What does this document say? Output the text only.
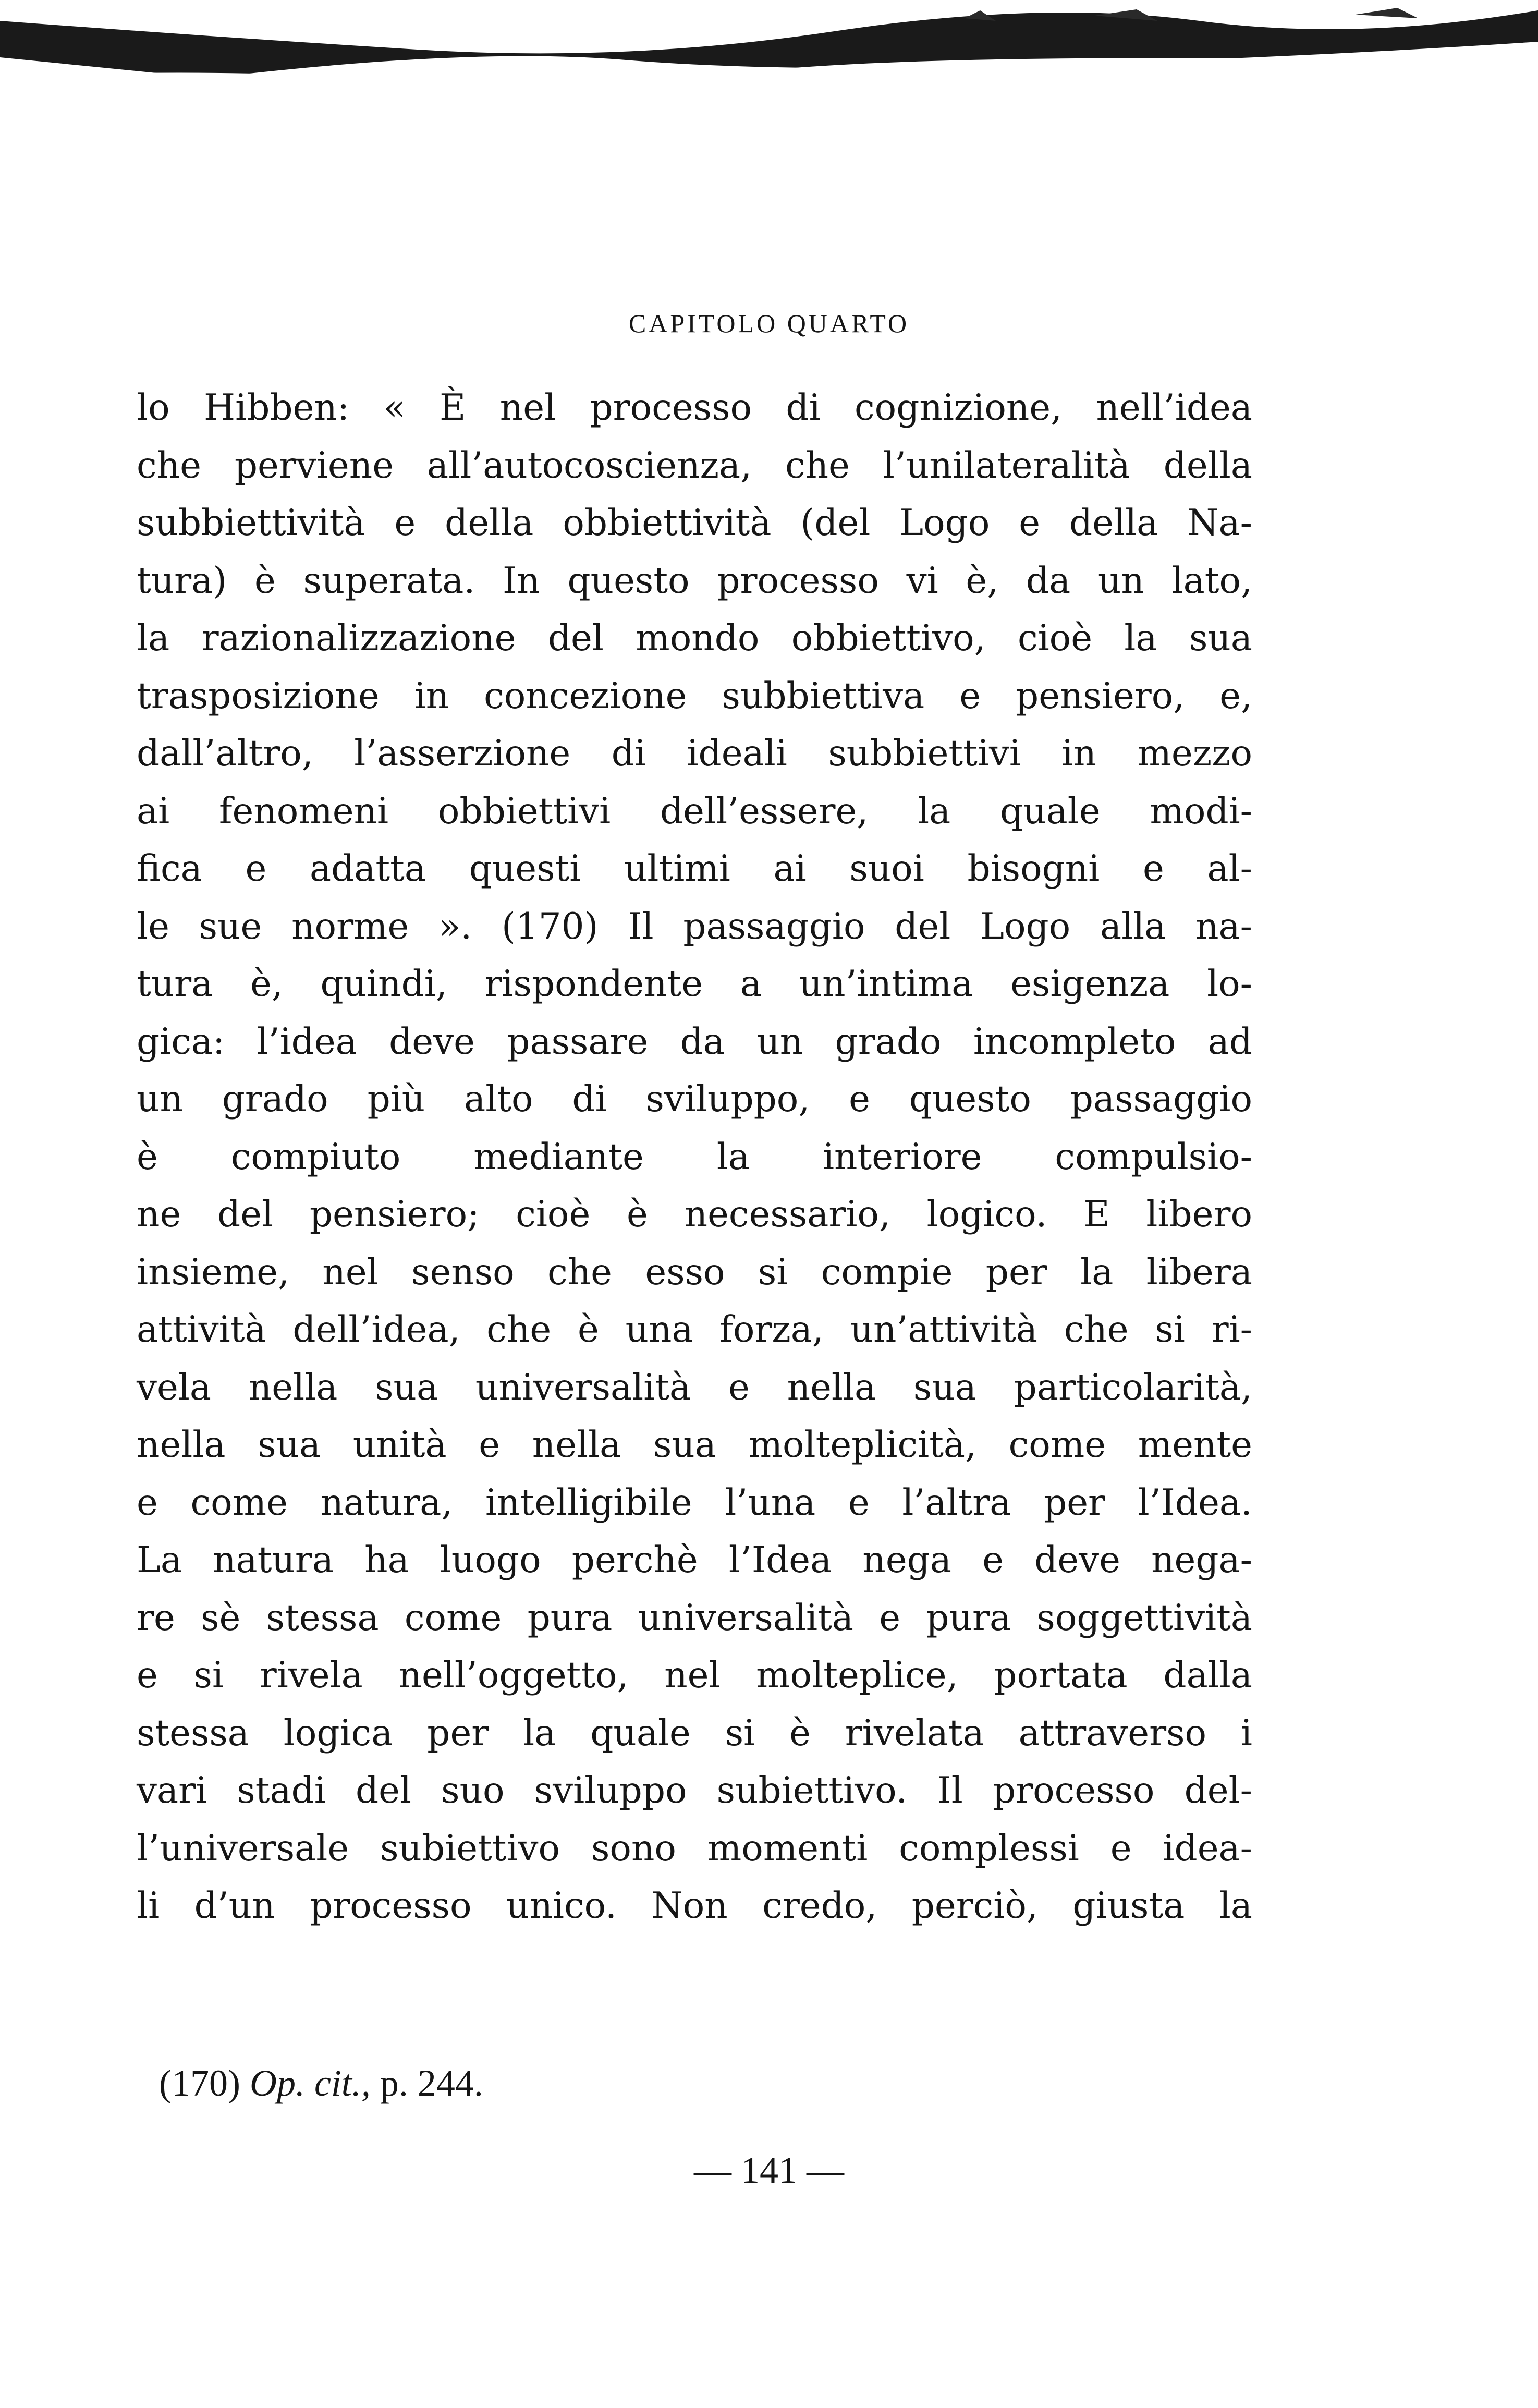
CAPITOLO QUARTO
lo Hibben: « È nel processo di cognizione, nell’idea
che perviene all’autocoscienza, che l’unilateralità della
subbiettività e della obbiettività (del Logo e della Na-
tura) è superata. In questo processo vi è, da un lato,
la razionalizzazione del mondo obbiettivo, cioè la sua
trasposizione in concezione subbiettiva e pensiero, e,
dall’altro, l’asserzione di ideali subbiettivi in mezzo
ai fenomeni obbiettivi dell’essere, la quale modi-
fica e adatta questi ultimi ai suoi bisogni e al-
le sue norme ». (170) Il passaggio del Logo alla na-
tura è, quindi, rispondente a un’intima esigenza lo-
gica: l’idea deve passare da un grado incompleto ad
un grado più alto di sviluppo, e questo passaggio
è compiuto mediante la interiore compulsio-
ne del pensiero; cioè è necessario, logico. E libero
insieme, nel senso che esso si compie per la libera
attività dell’idea, che è una forza, un’attività che si ri-
vela nella sua universalità e nella sua particolarità,
nella sua unità e nella sua molteplicità, come mente
e come natura, intelligibile l’una e l’altra per l’Idea.
La natura ha luogo perchè l’Idea nega e deve nega-
re sè stessa come pura universalità e pura soggettività
e si rivela nell’oggetto, nel molteplice, portata dalla
stessa logica per la quale si è rivelata attraverso i
vari stadi del suo sviluppo subiettivo. Il processo del-
l’universale subiettivo sono momenti complessi e idea-
li d’un processo unico. Non credo, perciò, giusta la
(170) Op. cit., p. 244.
— 141 —
